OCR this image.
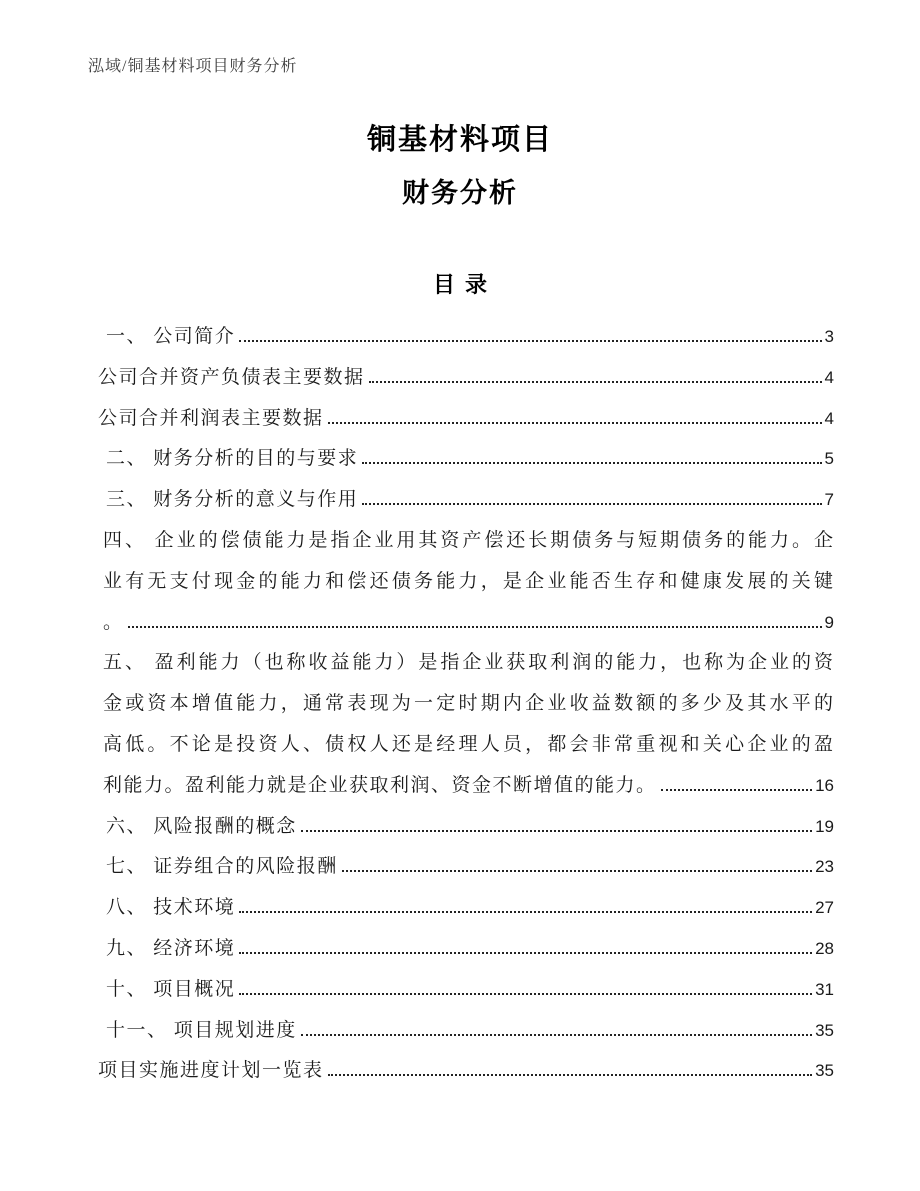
泓域/铜基材料项目财务分析
铜基材料项目
财务分析
目录
一、 公司简介	3
公司合并资产负债表主要数据	4
公司合并利润表主要数据	4
二、 财务分析的目的与要求	5
三、 财务分析的意义与作用	7
四、 企业的偿债能力是指企业用其资产偿还长期债务与短期债务的能力。企
业有无支付现金的能力和偿还债务能力，是企业能否生存和健康发展的关键
。	9
五、 盈利能力（也称收益能力）是指企业获取利润的能力，也称为企业的资
金或资本增值能力，通常表现为一定时期内企业收益数额的多少及其水平的
高低。不论是投资人、债权人还是经理人员，都会非常重视和关心企业的盈
利能力。盈利能力就是企业获取利润、资金不断增值的能力。	16
六、 风险报酬的概念	19
七、 证券组合的风险报酬	23
八、 技术环境	27
九、 经济环境	28
十、 项目概况	31
十一、 项目规划进度	35
项目实施进度计划一览表	35
